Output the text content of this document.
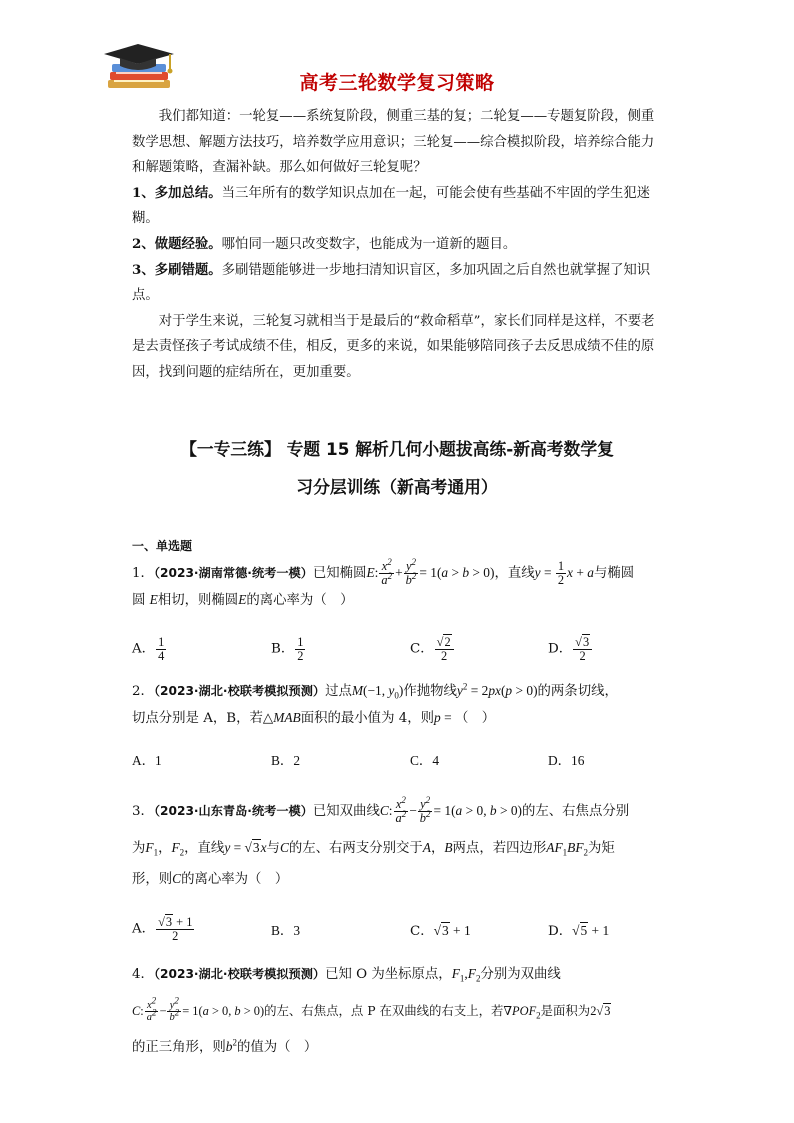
高考三轮数学复习策略

我们都知道：一轮复——系统复阶段，侧重三基的复；二轮复——专题复阶段，侧重数学思想、解题方法技巧，培养数学应用意识；三轮复——综合模拟阶段，培养综合能力和解题策略，查漏补缺。那么如何做好三轮复呢？

1、多加总结。当三年所有的数学知识点加在一起，可能会使有些基础不牢固的学生犯迷糊。

2、做题经验。哪怕同一题只改变数字，也能成为一道新的题目。

3、多刷错题。多刷错题能够进一步地扫清知识盲区，多加巩固之后自然也就掌握了知识点。

对于学生来说，三轮复习就相当于是最后的“救命稻草”，家长们同样是这样，不要老是去责怪孩子考试成绩不佳，相反，更多的来说，如果能够陪同孩子去反思成绩不佳的原因，找到问题的症结所在，更加重要。

【一专三练】 专题 15 解析几何小题拔高练-新高考数学复
习分层训练（新高考通用）
一、单选题
1．（2023·湖南常德·统考一模）已知椭圆E: $\frac{x^2}{a^2} + \frac{y^2}{b^2} = 1(a > b > 0)$，直线$y = \frac{1}{2}$ x + a与椭圆
圆 E相切，则椭圆E的离心率为（　）
A． $\frac{1}{4}$	B． $\frac{1}{2}$	C． $\frac{√2}{2}$	D． $\frac{√3}{2}$
2．（2023·湖北·校联考模拟预测）过点M(−1, $y_0$)作抛物线$y^2 = 2px(p > 0)$的两条切线，
切点分别是 A，B，若△MAB面积的最小值为 4，则p = （　）
A．1	B．2	C．4	D．16
3．（2023·山东青岛·统考一模）已知双曲线C: $\frac{x^2}{a^2} - \frac{y^2}{b^2} = 1(a > 0$, b > 0)的左、右焦点分别
为$F_1$，$F_2$，直线y = √3x与C的左、右两支分别交于A，B两点，若四边形$AF_1BF_2$为矩
形，则C的离心率为（　）
A． $\frac{√3 + 1}{2}$	B．3	C．√3 + 1	D．√5 + 1
4．（2023·湖北·校联考模拟预测）已知 O 为坐标原点，$F_1,F_2$分别为双曲线
C: $\frac{x2}{a2} - \frac{y2}{b2} = 1(a > 0$, b > 0)的左、右焦点，点 P 在双曲线的右支上，若$\nabla POF_2$是面积为2√3
的正三角形，则$b^2$的值为（　）
